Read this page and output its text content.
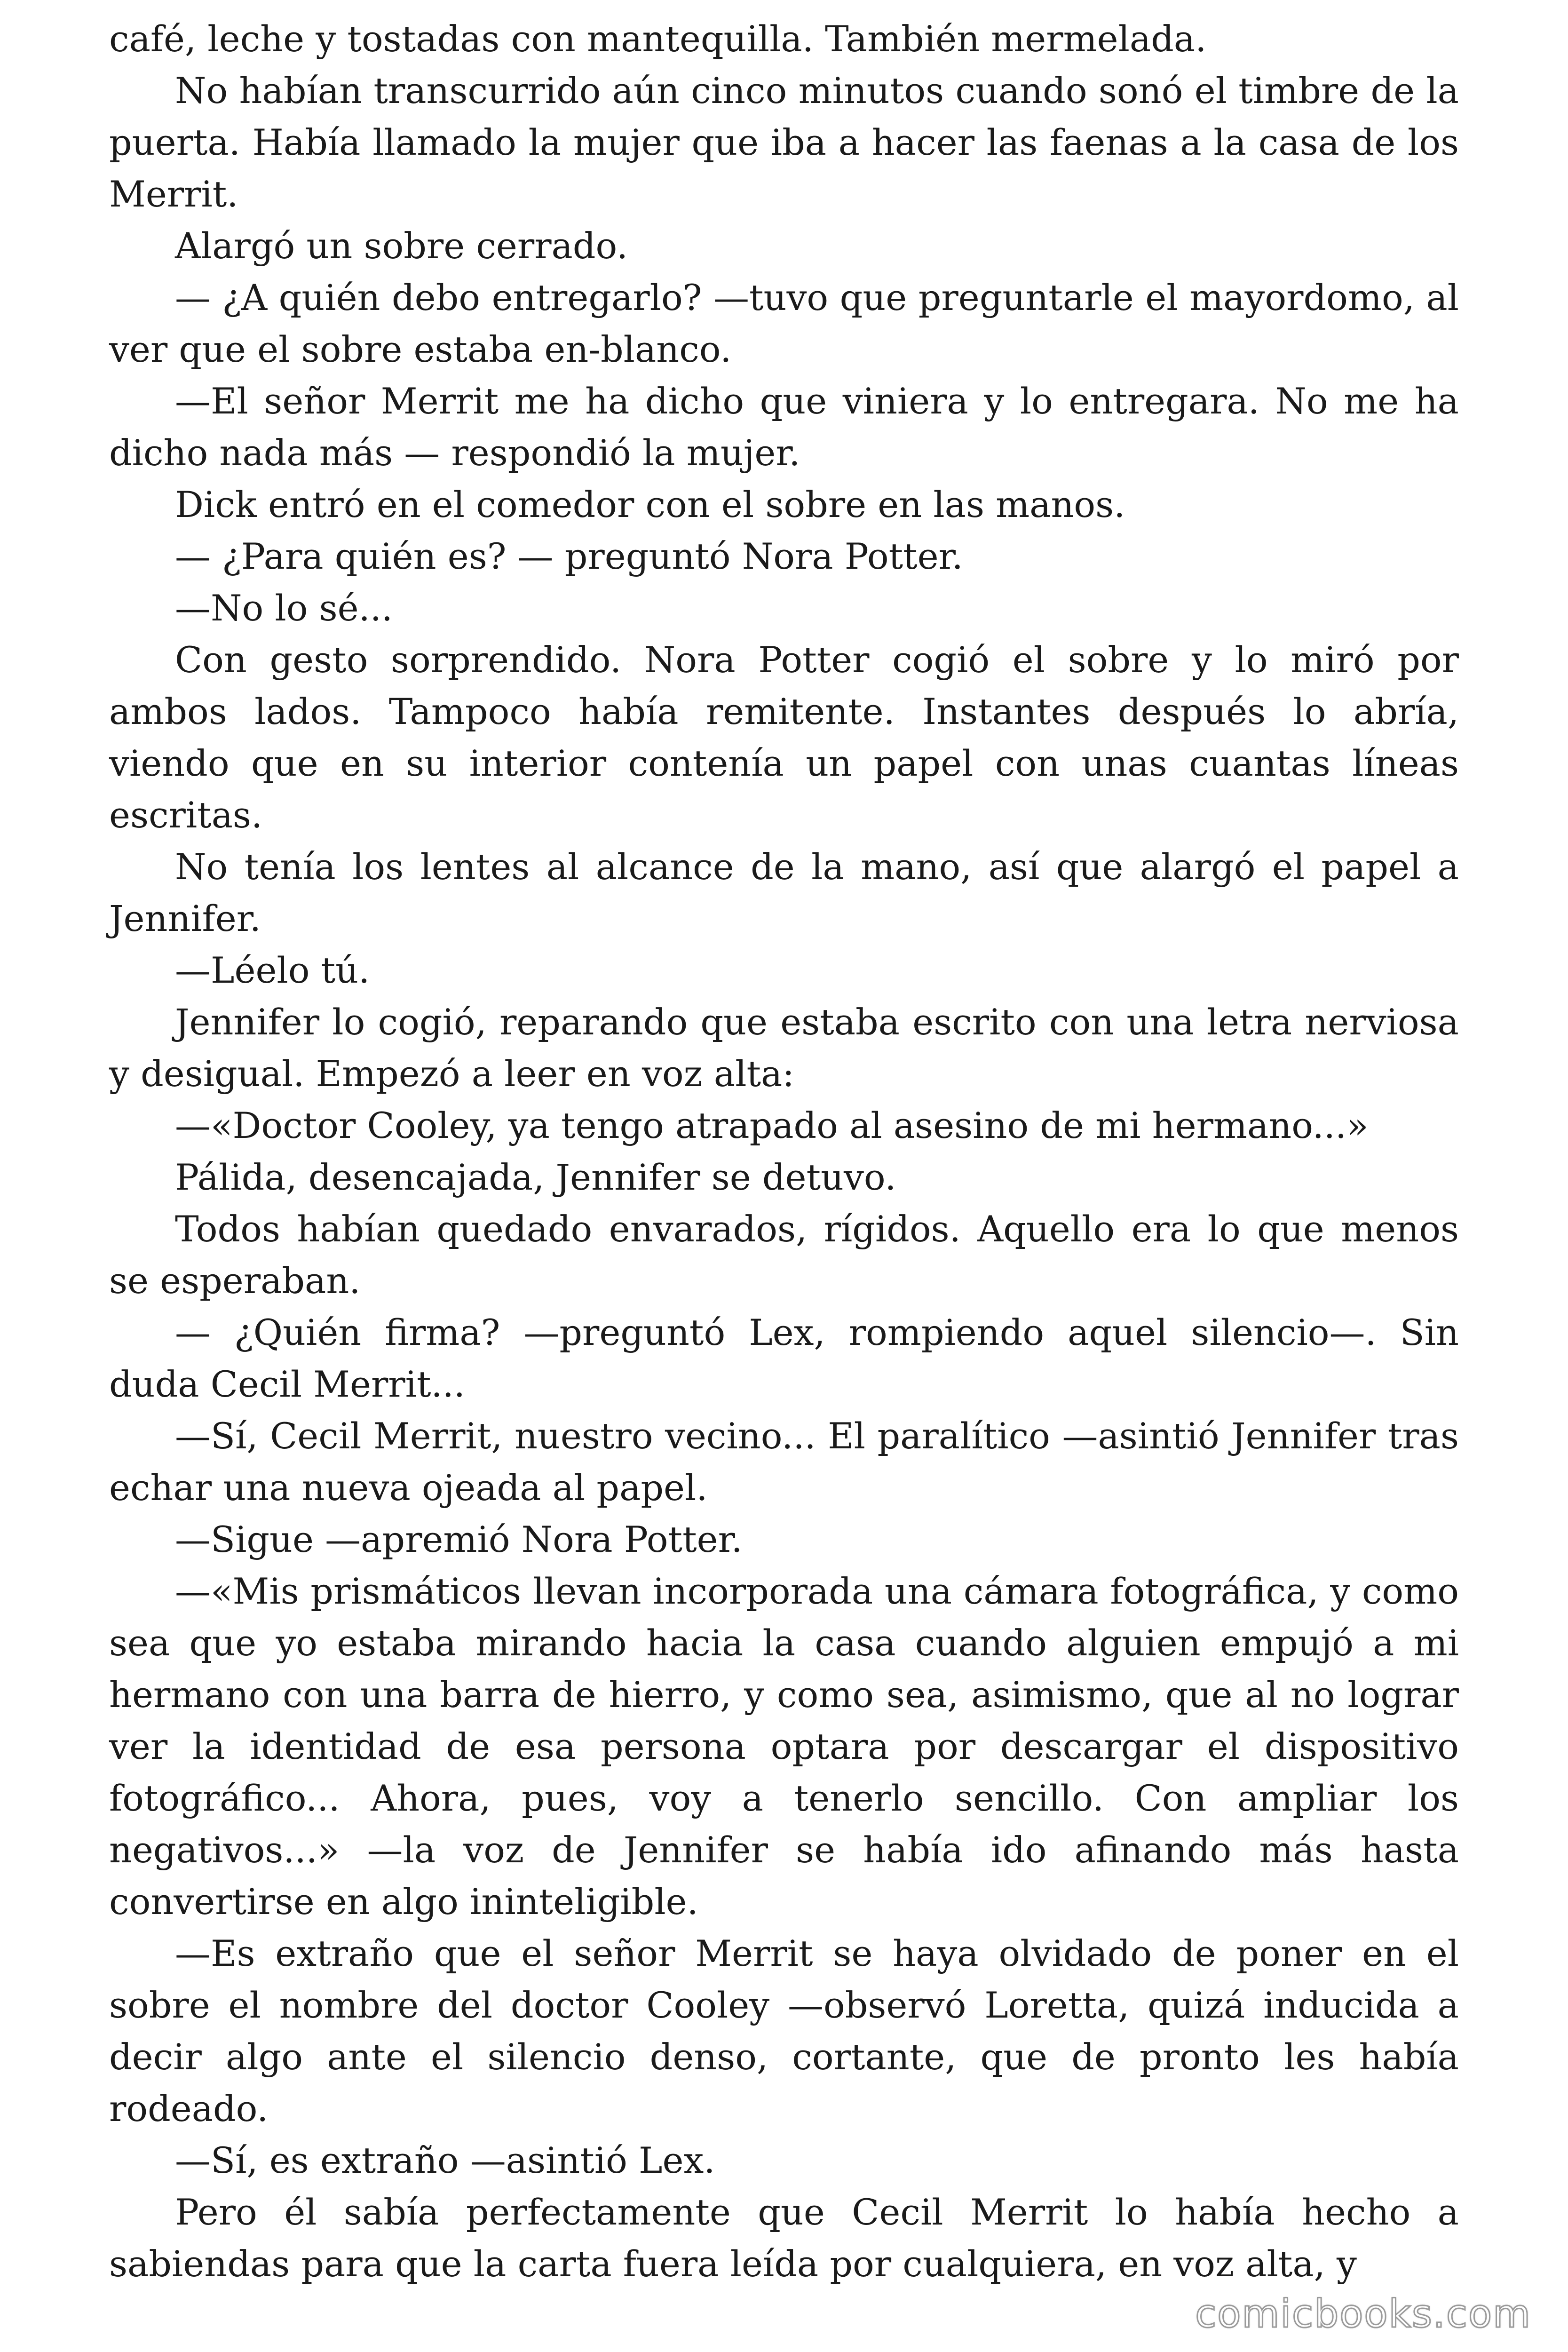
café, leche y tostadas con mantequilla. También mermelada.

No habían transcurrido aún cinco minutos cuando sonó el timbre de la puerta. Había llamado la mujer que iba a hacer las faenas a la casa de los Merrit.

Alargó un sobre cerrado.

— ¿A quién debo entregarlo? —tuvo que preguntarle el mayordomo, al ver que el sobre estaba en-blanco.

—El señor Merrit me ha dicho que viniera y lo entregara. No me ha dicho nada más — respondió la mujer.

Dick entró en el comedor con el sobre en las manos.

— ¿Para quién es? — preguntó Nora Potter.

—No lo sé...

Con gesto sorprendido. Nora Potter cogió el sobre y lo miró por ambos lados. Tampoco había remitente. Instantes después lo abría, viendo que en su interior contenía un papel con unas cuantas líneas escritas.

No tenía los lentes al alcance de la mano, así que alargó el papel a Jennifer.

—Léelo tú.

Jennifer lo cogió, reparando que estaba escrito con una letra nerviosa y desigual. Empezó a leer en voz alta:

—«Doctor Cooley, ya tengo atrapado al asesino de mi hermano...»

Pálida, desencajada, Jennifer se detuvo.

Todos habían quedado envarados, rígidos. Aquello era lo que menos se esperaban.

— ¿Quién firma? —preguntó Lex, rompiendo aquel silencio—. Sin duda Cecil Merrit...

—Sí, Cecil Merrit, nuestro vecino... El paralítico —asintió Jennifer tras echar una nueva ojeada al papel.

—Sigue —apremió Nora Potter.

—«Mis prismáticos llevan incorporada una cámara fotográfica, y como sea que yo estaba mirando hacia la casa cuando alguien empujó a mi hermano con una barra de hierro, y como sea, asimismo, que al no lograr ver la identidad de esa persona optara por descargar el dispositivo fotográfico... Ahora, pues, voy a tenerlo sencillo. Con ampliar los negativos...» —la voz de Jennifer se había ido afinando más hasta convertirse en algo ininteligible.

—Es extraño que el señor Merrit se haya olvidado de poner en el sobre el nombre del doctor Cooley —observó Loretta, quizá inducida a decir algo ante el silencio denso, cortante, que de pronto les había rodeado.

—Sí, es extraño —asintió Lex.

Pero él sabía perfectamente que Cecil Merrit lo había hecho a sabiendas para que la carta fuera leída por cualquiera, en voz alta, y

comicbooks.com
